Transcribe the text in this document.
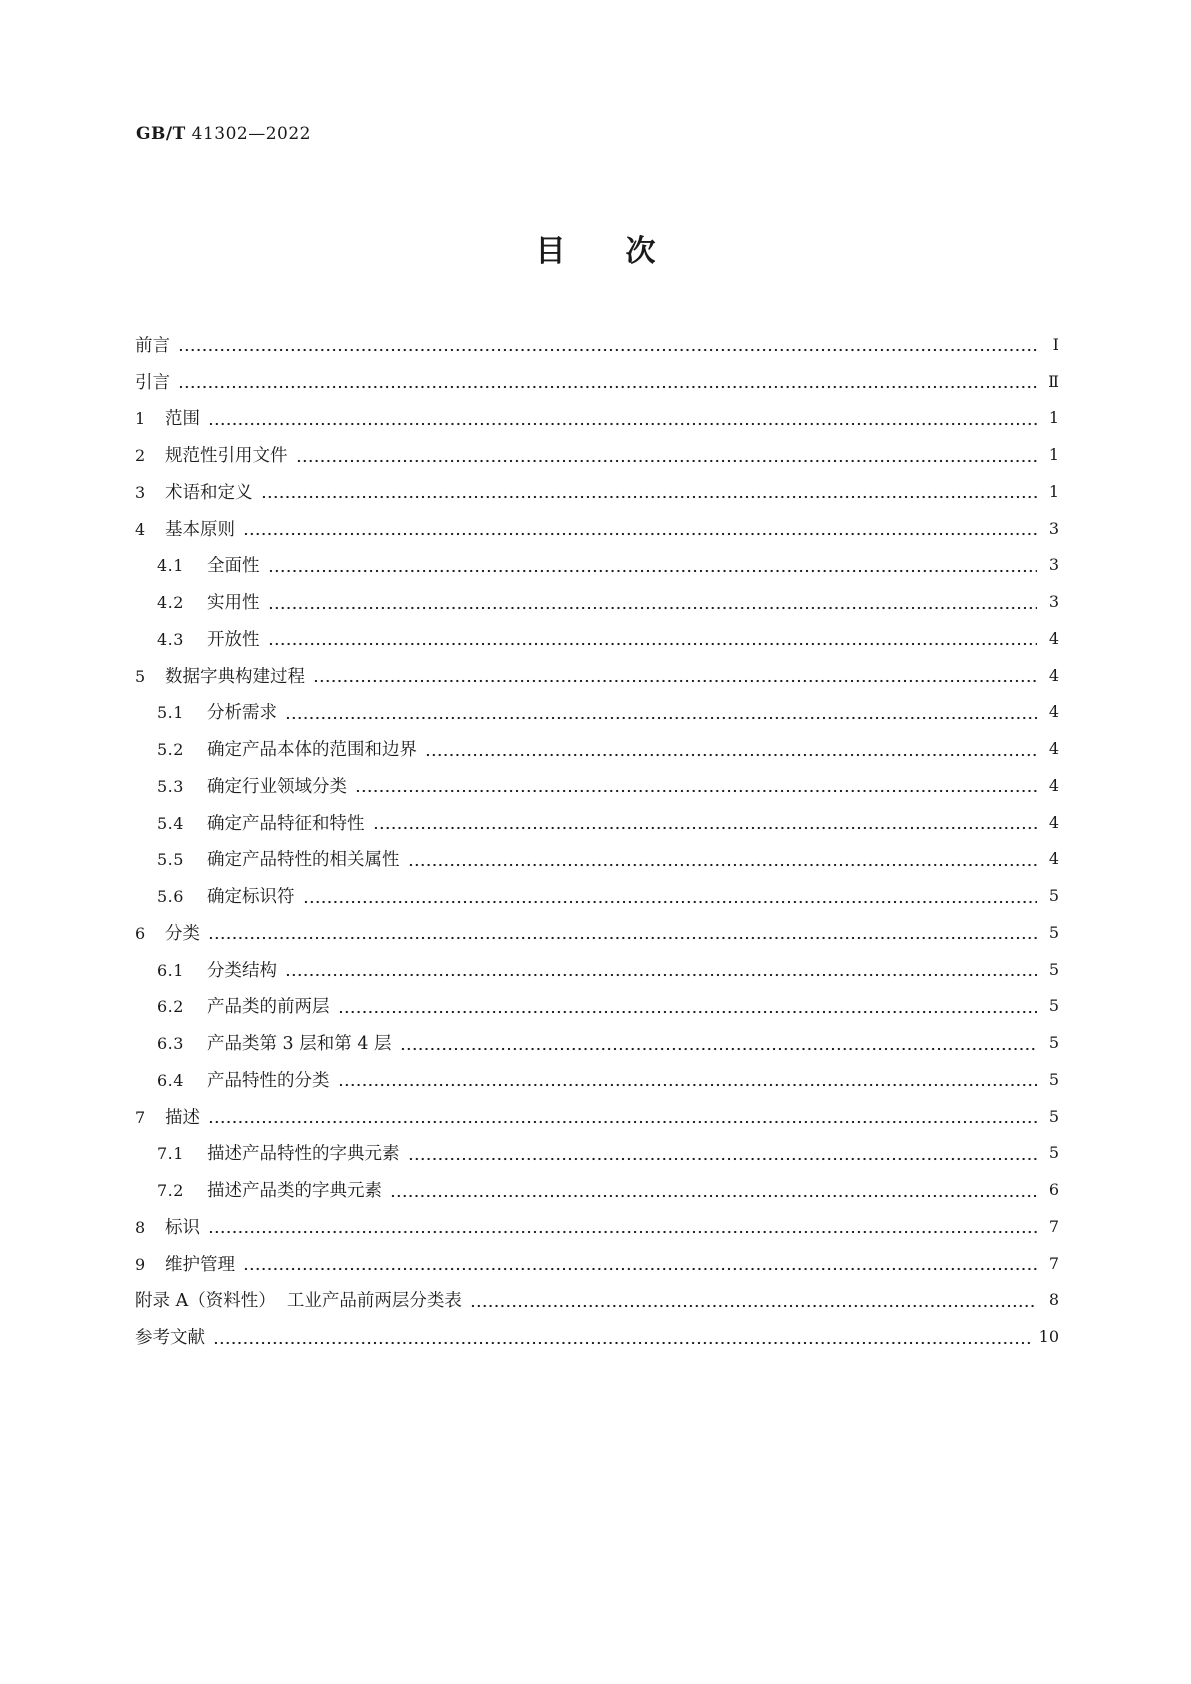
GB/T 41302—2022
目次
前言	Ⅰ
引言	Ⅱ
1 范围	1
2 规范性引用文件	1
3 术语和定义	1
4 基本原则	3
4.1 全面性	3
4.2 实用性	3
4.3 开放性	4
5 数据字典构建过程	4
5.1 分析需求	4
5.2 确定产品本体的范围和边界	4
5.3 确定行业领域分类	4
5.4 确定产品特征和特性	4
5.5 确定产品特性的相关属性	4
5.6 确定标识符	5
6 分类	5
6.1 分类结构	5
6.2 产品类的前两层	5
6.3 产品类第 3 层和第 4 层	5
6.4 产品特性的分类	5
7 描述	5
7.1 描述产品特性的字典元素	5
7.2 描述产品类的字典元素	6
8 标识	7
9 维护管理	7
附录 A（资料性）  工业产品前两层分类表	8
参考文献	10
